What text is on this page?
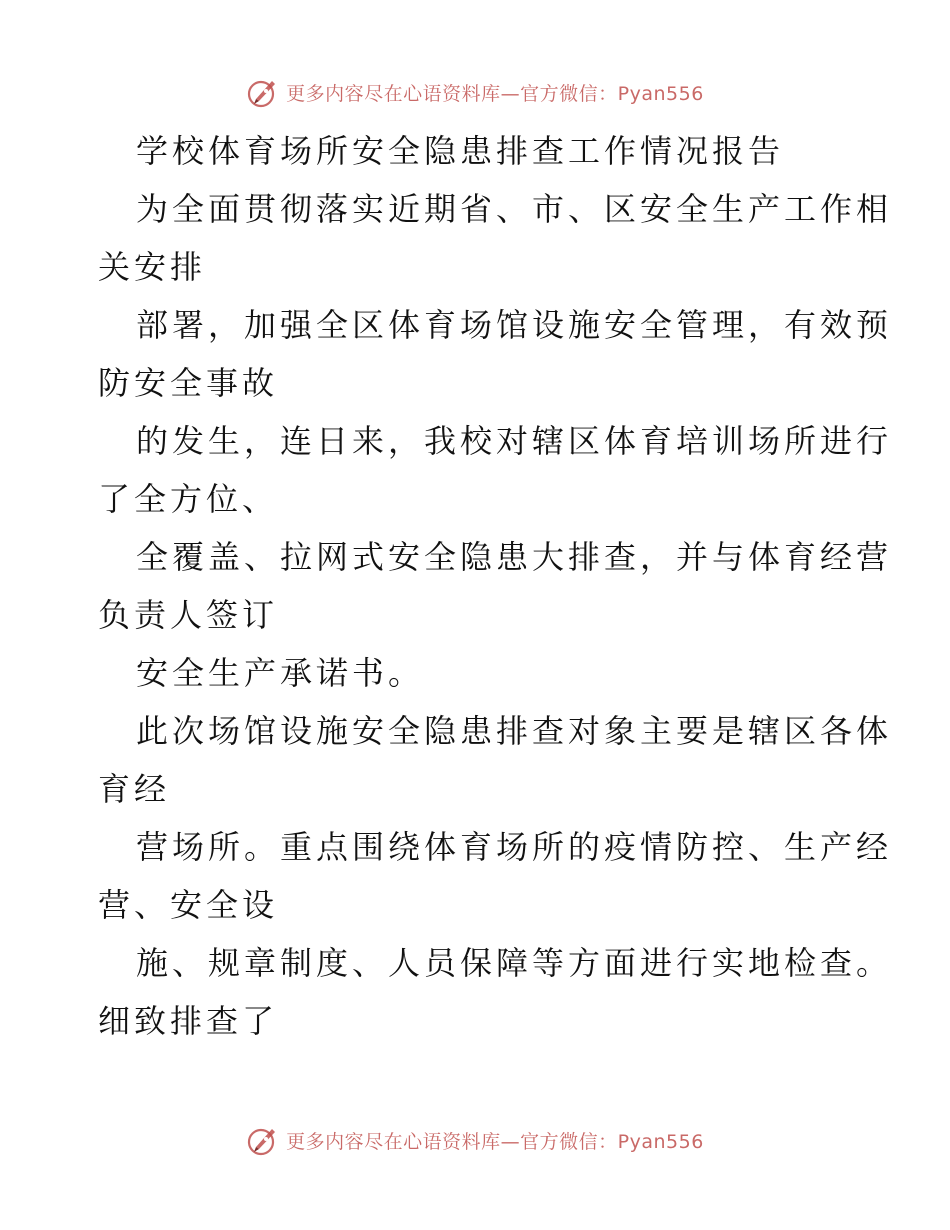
更多内容尽在心语资料库—官方微信：Pyan556
学校体育场所安全隐患排查工作情况报告
为全面贯彻落实近期省、市、区安全生产工作相
关安排
部署，加强全区体育场馆设施安全管理，有效预
防安全事故
的发生，连日来，我校对辖区体育培训场所进行
了全方位、
全覆盖、拉网式安全隐患大排查，并与体育经营
负责人签订
安全生产承诺书。
此次场馆设施安全隐患排查对象主要是辖区各体
育经
营场所。重点围绕体育场所的疫情防控、生产经
营、安全设
施、规章制度、人员保障等方面进行实地检查。
细致排查了
更多内容尽在心语资料库—官方微信：Pyan556
